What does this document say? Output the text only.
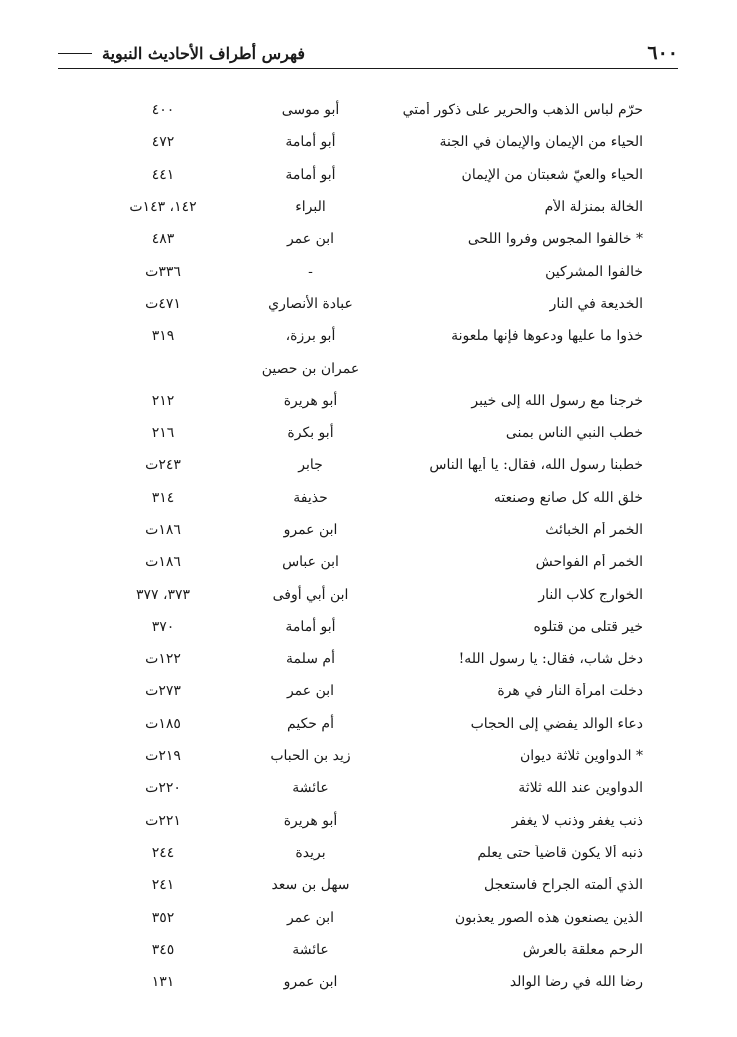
٦٠٠
فهرس أطراف الأحاديث النبوية
حرّم لباس الذهب والحرير على ذكور أمتي
أبو موسى
٤٠٠
الحياء من الإيمان والإيمان في الجنة
أبو أمامة
٤٧٢
الحياء والعيّ شعبتان من الإيمان
أبو أمامة
٤٤١
الخالة بمنزلة الأم
البراء
١٤٢، ١٤٣ت
* خالفوا المجوس وفروا اللحى
ابن عمر
٤٨٣
خالفوا المشركين
-
٣٣٦ت
الخديعة في النار
عبادة الأنصاري
٤٧١ت
خذوا ما عليها ودعوها فإنها ملعونة
أبو برزة،
٣١٩
عمران بن حصين
خرجنا مع رسول الله إلى خيبر
أبو هريرة
٢١٢
خطب النبي الناس بمنى
أبو بكرة
٢١٦
خطبنا رسول الله، فقال: يا أيها الناس
جابر
٢٤٣ت
خلق الله كل صانع وصنعته
حذيفة
٣١٤
الخمر أم الخبائث
ابن عمرو
١٨٦ت
الخمر أم الفواحش
ابن عباس
١٨٦ت
الخوارج كلاب النار
ابن أبي أوفى
٣٧٣، ٣٧٧
خير قتلى من قتلوه
أبو أمامة
٣٧٠
دخل شاب، فقال: يا رسول الله!
أم سلمة
١٢٢ت
دخلت امرأة النار في هرة
ابن عمر
٢٧٣ت
دعاء الوالد يفضي إلى الحجاب
أم حكيم
١٨٥ت
* الدواوين ثلاثة ديوان
زيد بن الحباب
٢١٩ت
الدواوين عند الله ثلاثة
عائشة
٢٢٠ت
ذنب يغفر وذنب لا يغفر
أبو هريرة
٢٢١ت
ذنبه ألا يكون قاضياً حتى يعلم
بريدة
٢٤٤
الذي ألمته الجراح فاستعجل
سهل بن سعد
٢٤١
الذين يصنعون هذه الصور يعذبون
ابن عمر
٣٥٢
الرحم معلقة بالعرش
عائشة
٣٤٥
رضا الله في رضا الوالد
ابن عمرو
١٣١
